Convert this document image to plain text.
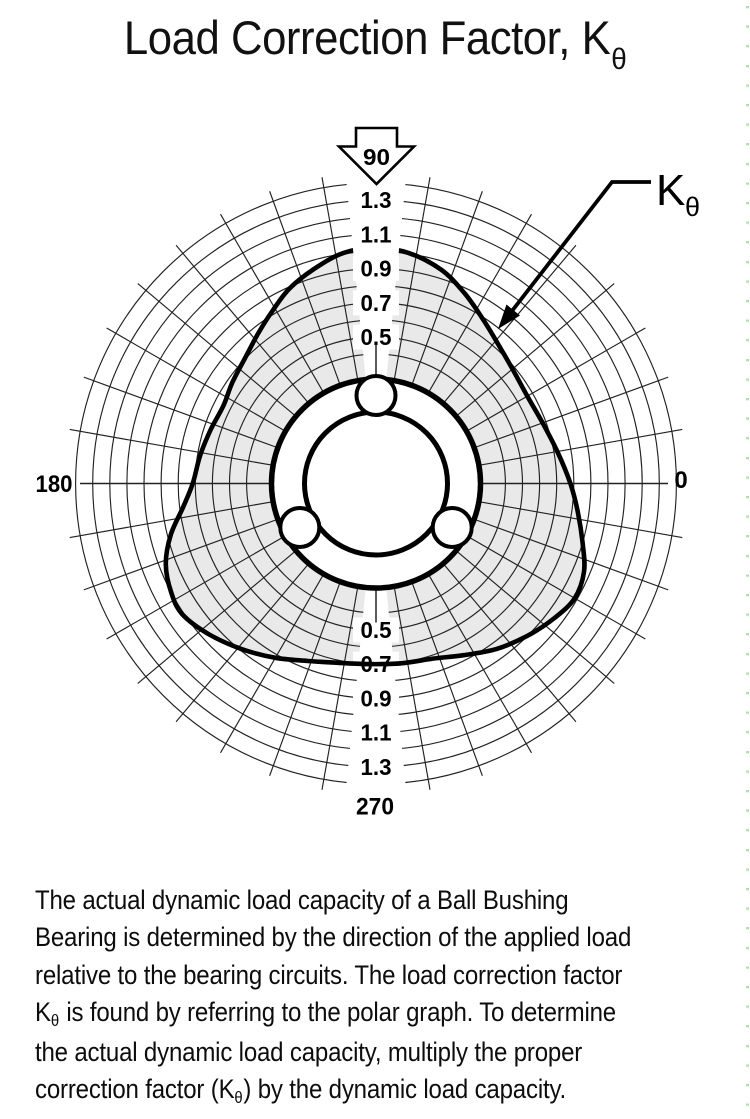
0.5
0.7
0.9
1.1
1.3
0.5
0.7
0.9
1.1
1.3
180	0
270
90
K θ
Load Correction Factor, Kθ
The actual dynamic load capacity of a Ball Bushing
Bearing is determined by the direction of the applied load
relative to the bearing circuits. The load correction factor
Kθ is found by referring to the polar graph. To determine
the actual dynamic load capacity, multiply the proper
correction factor (Kθ) by the dynamic load capacity.
